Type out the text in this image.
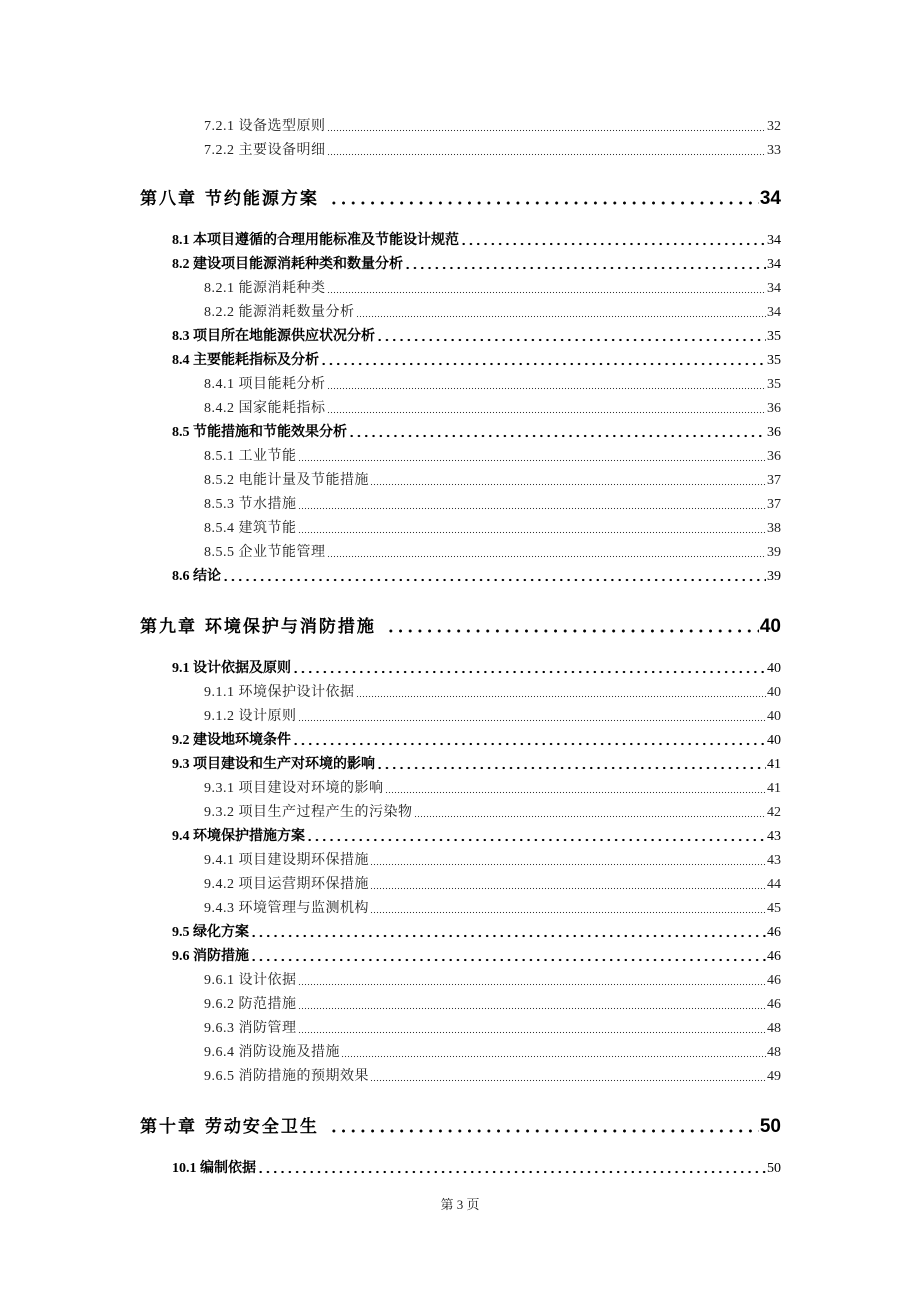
7.2.1 设备选型原则	32
7.2.2 主要设备明细	33
第八章 节约能源方案	34
8.1 本项目遵循的合理用能标准及节能设计规范	34
8.2 建设项目能源消耗种类和数量分析	34
8.2.1 能源消耗种类	34
8.2.2 能源消耗数量分析	34
8.3 项目所在地能源供应状况分析	35
8.4 主要能耗指标及分析	35
8.4.1 项目能耗分析	35
8.4.2 国家能耗指标	36
8.5 节能措施和节能效果分析	36
8.5.1 工业节能	36
8.5.2 电能计量及节能措施	37
8.5.3 节水措施	37
8.5.4 建筑节能	38
8.5.5 企业节能管理	39
8.6 结论	39
第九章 环境保护与消防措施	40
9.1 设计依据及原则	40
9.1.1 环境保护设计依据	40
9.1.2 设计原则	40
9.2 建设地环境条件	40
9.3 项目建设和生产对环境的影响	41
9.3.1 项目建设对环境的影响	41
9.3.2 项目生产过程产生的污染物	42
9.4 环境保护措施方案	43
9.4.1 项目建设期环保措施	43
9.4.2 项目运营期环保措施	44
9.4.3 环境管理与监测机构	45
9.5 绿化方案	46
9.6 消防措施	46
9.6.1 设计依据	46
9.6.2 防范措施	46
9.6.3 消防管理	48
9.6.4 消防设施及措施	48
9.6.5 消防措施的预期效果	49
第十章 劳动安全卫生	50
10.1 编制依据	50
第 3 页
